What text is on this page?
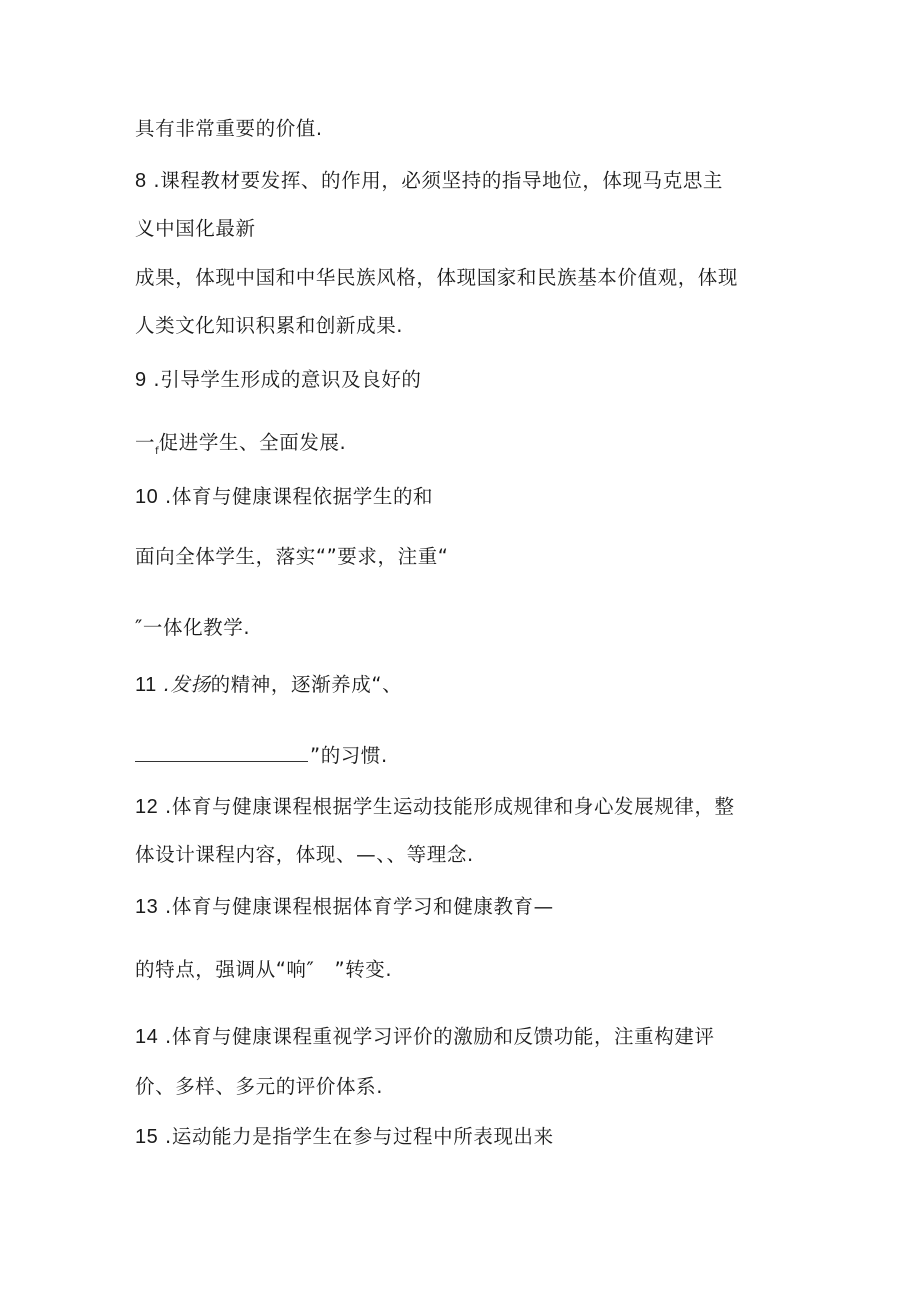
具有非常重要的价值.
8 .课程教材要发挥、的作用，必须坚持的指导地位，体现马克思主
义中国化最新
成果，体现中国和中华民族风格，体现国家和民族基本价值观，体现
人类文化知识积累和创新成果.
9 .引导学生形成的意识及良好的
一$_f$促进学生、全面发展.
10 .体育与健康课程依据学生的和
面向全体学生，落实“”要求，注重“
″一体化教学.
11 .发扬的精神，逐渐养成“、
”的习惯.
12 .体育与健康课程根据学生运动技能形成规律和身心发展规律，整
体设计课程内容，体现、—、、等理念.
13 .体育与健康课程根据体育学习和健康教育—
的特点，强调从“响″　”转变.
14 .体育与健康课程重视学习评价的激励和反馈功能，注重构建评
价、多样、多元的评价体系.
15 .运动能力是指学生在参与过程中所表现出来
